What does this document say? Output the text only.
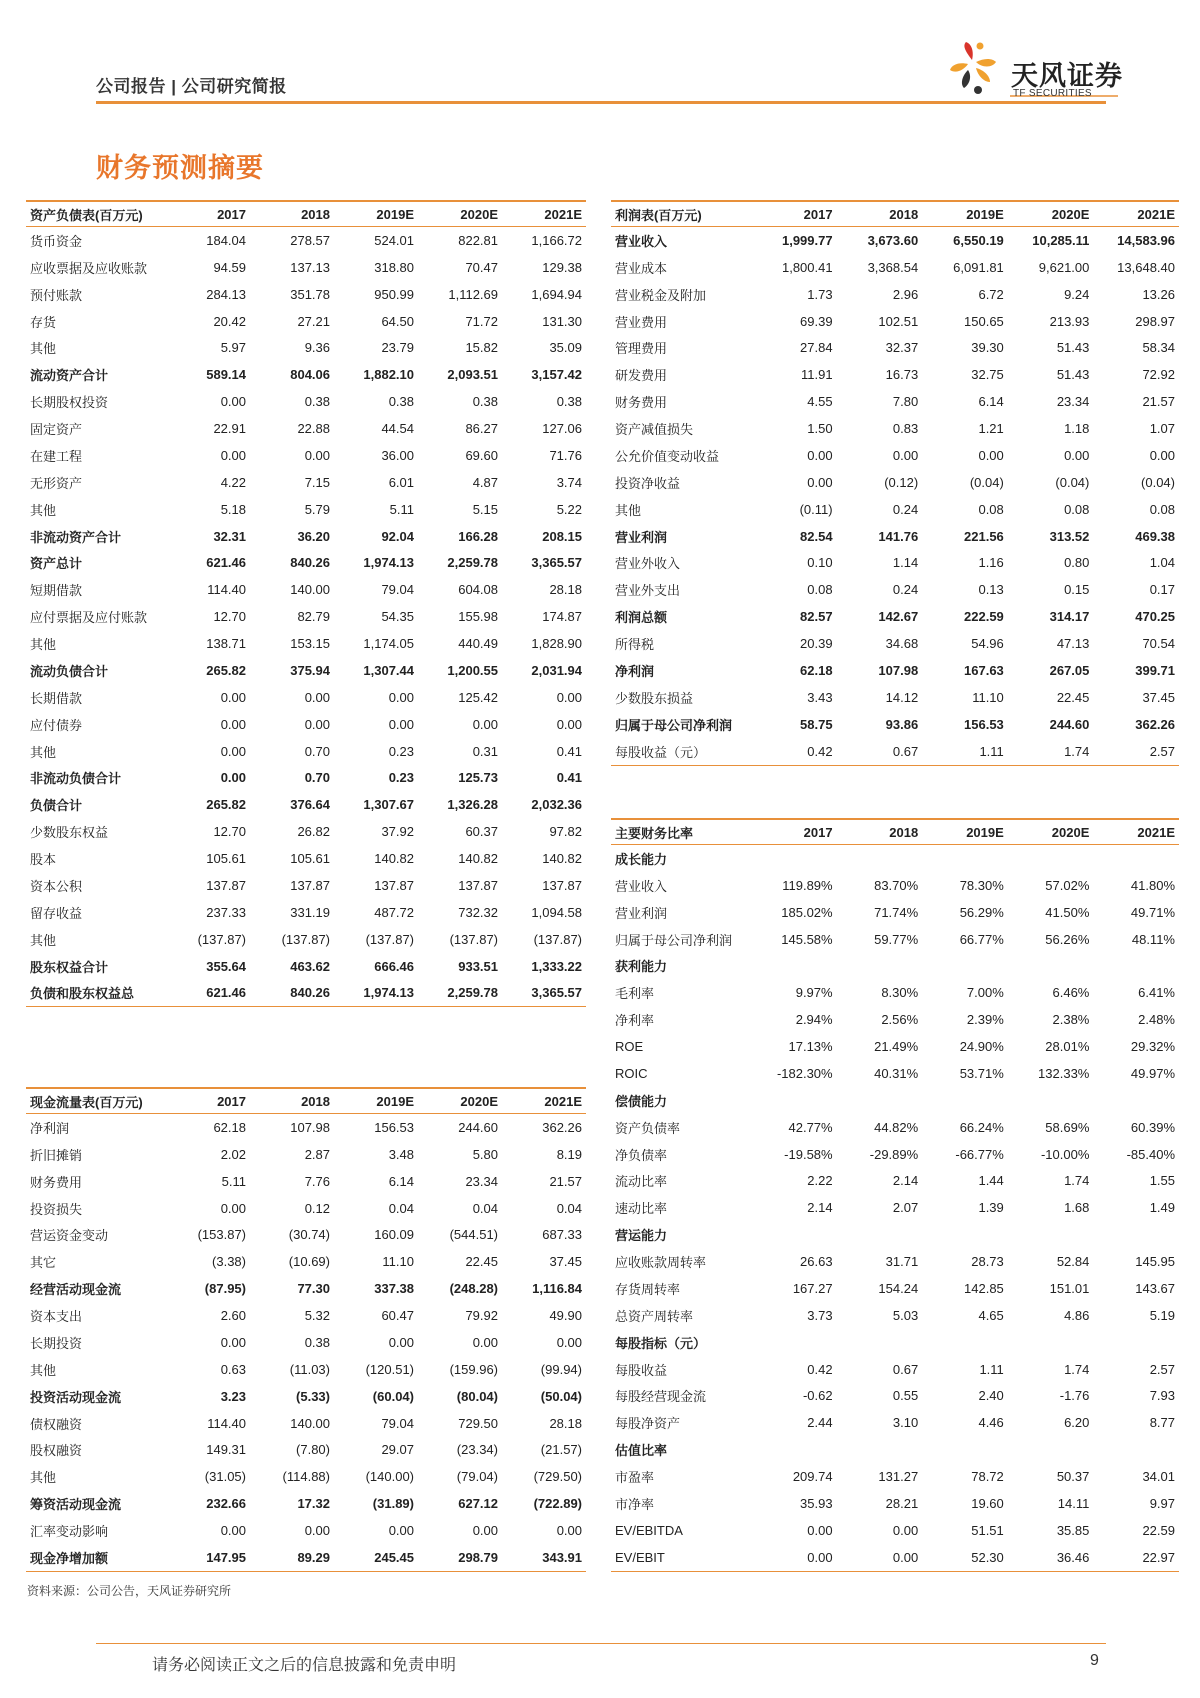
公司报告 | 公司研究简报	天风证券
TF SECURITIES
财务预测摘要
资产负债表(百万元)	2017	2018	2019E	2020E	2021E
货币资金	184.04	278.57	524.01	822.81	1,166.72
应收票据及应收账款	94.59	137.13	318.80	70.47	129.38
预付账款	284.13	351.78	950.99	1,112.69	1,694.94
存货	20.42	27.21	64.50	71.72	131.30
其他	5.97	9.36	23.79	15.82	35.09
流动资产合计	589.14	804.06	1,882.10	2,093.51	3,157.42
长期股权投资	0.00	0.38	0.38	0.38	0.38
固定资产	22.91	22.88	44.54	86.27	127.06
在建工程	0.00	0.00	36.00	69.60	71.76
无形资产	4.22	7.15	6.01	4.87	3.74
其他	5.18	5.79	5.11	5.15	5.22
非流动资产合计	32.31	36.20	92.04	166.28	208.15
资产总计	621.46	840.26	1,974.13	2,259.78	3,365.57
短期借款	114.40	140.00	79.04	604.08	28.18
应付票据及应付账款	12.70	82.79	54.35	155.98	174.87
其他	138.71	153.15	1,174.05	440.49	1,828.90
流动负债合计	265.82	375.94	1,307.44	1,200.55	2,031.94
长期借款	0.00	0.00	0.00	125.42	0.00
应付债券	0.00	0.00	0.00	0.00	0.00
其他	0.00	0.70	0.23	0.31	0.41
非流动负债合计	0.00	0.70	0.23	125.73	0.41
负债合计	265.82	376.64	1,307.67	1,326.28	2,032.36
少数股东权益	12.70	26.82	37.92	60.37	97.82
股本	105.61	105.61	140.82	140.82	140.82
资本公积	137.87	137.87	137.87	137.87	137.87
留存收益	237.33	331.19	487.72	732.32	1,094.58
其他	(137.87)	(137.87)	(137.87)	(137.87)	(137.87)
股东权益合计	355.64	463.62	666.46	933.51	1,333.22
负债和股东权益总	621.46	840.26	1,974.13	2,259.78	3,365.57
利润表(百万元)	2017	2018	2019E	2020E	2021E
营业收入	1,999.77	3,673.60	6,550.19	10,285.11	14,583.96
营业成本	1,800.41	3,368.54	6,091.81	9,621.00	13,648.40
营业税金及附加	1.73	2.96	6.72	9.24	13.26
营业费用	69.39	102.51	150.65	213.93	298.97
管理费用	27.84	32.37	39.30	51.43	58.34
研发费用	11.91	16.73	32.75	51.43	72.92
财务费用	4.55	7.80	6.14	23.34	21.57
资产减值损失	1.50	0.83	1.21	1.18	1.07
公允价值变动收益	0.00	0.00	0.00	0.00	0.00
投资净收益	0.00	(0.12)	(0.04)	(0.04)	(0.04)
其他	(0.11)	0.24	0.08	0.08	0.08
营业利润	82.54	141.76	221.56	313.52	469.38
营业外收入	0.10	1.14	1.16	0.80	1.04
营业外支出	0.08	0.24	0.13	0.15	0.17
利润总额	82.57	142.67	222.59	314.17	470.25
所得税	20.39	34.68	54.96	47.13	70.54
净利润	62.18	107.98	167.63	267.05	399.71
少数股东损益	3.43	14.12	11.10	22.45	37.45
归属于母公司净利润	58.75	93.86	156.53	244.60	362.26
每股收益（元）	0.42	0.67	1.11	1.74	2.57
主要财务比率	2017	2018	2019E	2020E	2021E
成长能力					
营业收入	119.89%	83.70%	78.30%	57.02%	41.80%
营业利润	185.02%	71.74%	56.29%	41.50%	49.71%
归属于母公司净利润	145.58%	59.77%	66.77%	56.26%	48.11%
获利能力					
毛利率	9.97%	8.30%	7.00%	6.46%	6.41%
净利率	2.94%	2.56%	2.39%	2.38%	2.48%
ROE	17.13%	21.49%	24.90%	28.01%	29.32%
ROIC	-182.30%	40.31%	53.71%	132.33%	49.97%
偿债能力					
资产负债率	42.77%	44.82%	66.24%	58.69%	60.39%
净负债率	-19.58%	-29.89%	-66.77%	-10.00%	-85.40%
流动比率	2.22	2.14	1.44	1.74	1.55
速动比率	2.14	2.07	1.39	1.68	1.49
营运能力					
应收账款周转率	26.63	31.71	28.73	52.84	145.95
存货周转率	167.27	154.24	142.85	151.01	143.67
总资产周转率	3.73	5.03	4.65	4.86	5.19
每股指标（元）					
每股收益	0.42	0.67	1.11	1.74	2.57
每股经营现金流	-0.62	0.55	2.40	-1.76	7.93
每股净资产	2.44	3.10	4.46	6.20	8.77
估值比率					
市盈率	209.74	131.27	78.72	50.37	34.01
市净率	35.93	28.21	19.60	14.11	9.97
EV/EBITDA	0.00	0.00	51.51	35.85	22.59
EV/EBIT	0.00	0.00	52.30	36.46	22.97
现金流量表(百万元)	2017	2018	2019E	2020E	2021E
净利润	62.18	107.98	156.53	244.60	362.26
折旧摊销	2.02	2.87	3.48	5.80	8.19
财务费用	5.11	7.76	6.14	23.34	21.57
投资损失	0.00	0.12	0.04	0.04	0.04
营运资金变动	(153.87)	(30.74)	160.09	(544.51)	687.33
其它	(3.38)	(10.69)	11.10	22.45	37.45
经营活动现金流	(87.95)	77.30	337.38	(248.28)	1,116.84
资本支出	2.60	5.32	60.47	79.92	49.90
长期投资	0.00	0.38	0.00	0.00	0.00
其他	0.63	(11.03)	(120.51)	(159.96)	(99.94)
投资活动现金流	3.23	(5.33)	(60.04)	(80.04)	(50.04)
债权融资	114.40	140.00	79.04	729.50	28.18
股权融资	149.31	(7.80)	29.07	(23.34)	(21.57)
其他	(31.05)	(114.88)	(140.00)	(79.04)	(729.50)
筹资活动现金流	232.66	17.32	(31.89)	627.12	(722.89)
汇率变动影响	0.00	0.00	0.00	0.00	0.00
现金净增加额	147.95	89.29	245.45	298.79	343.91
资料来源：公司公告，天风证券研究所
请务必阅读正文之后的信息披露和免责申明	9
